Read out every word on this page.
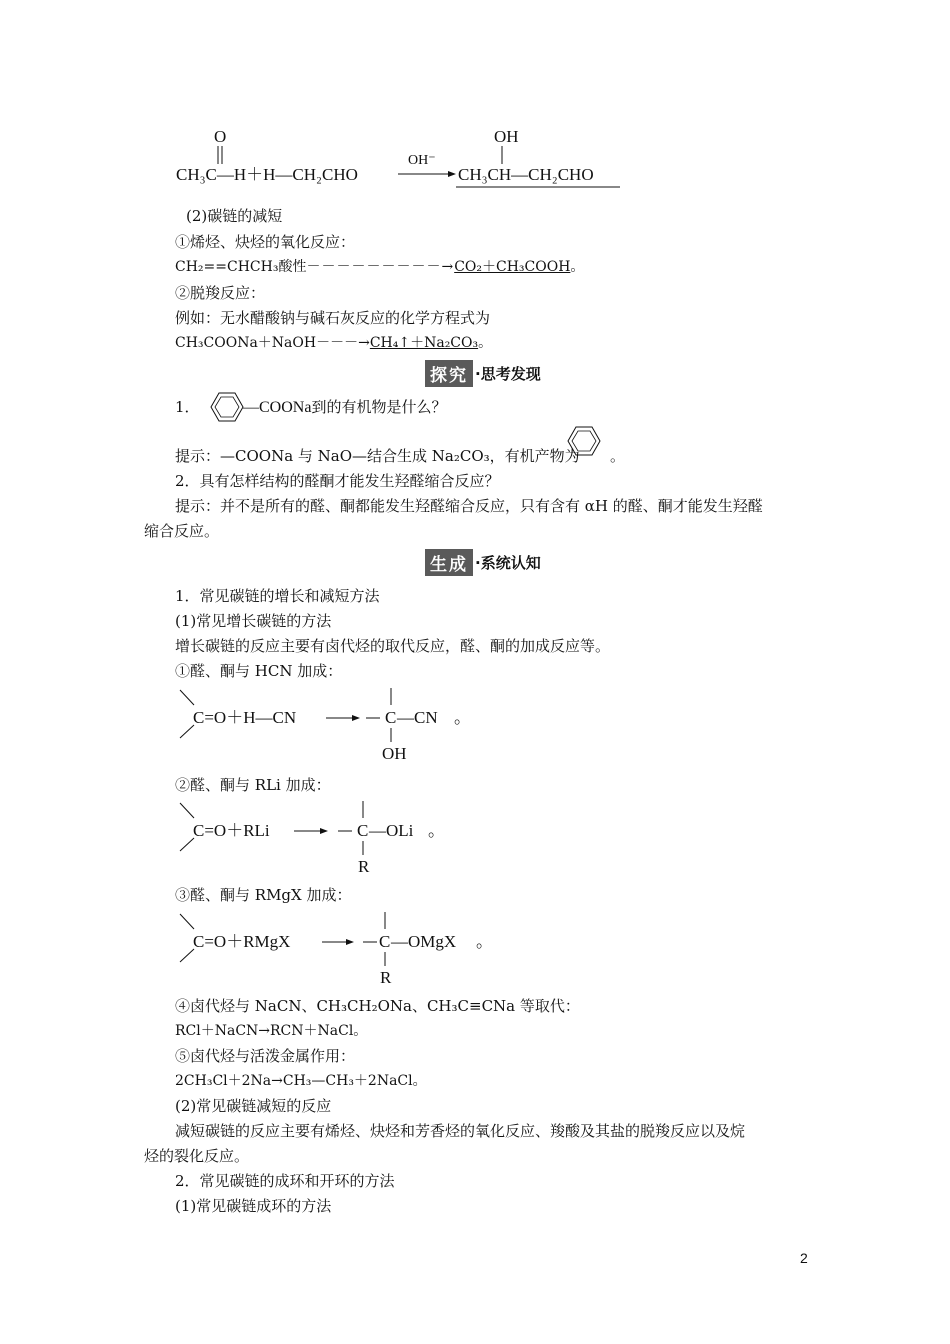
O
CH₃C—H＋H—CH₂CHO
OH⁻
OH
CH₃CH—CH₂CHO
(2)碳链的减短
①烯烃、炔烃的氧化反应：
CH₂==CHCH₃酸性－－－－－－－－－→CO₂＋CH₃COOH。
②脱羧反应：
例如：无水醋酸钠与碱石灰反应的化学方程式为
CH₃COONa＋NaOH－－－→CH₄↑＋Na₂CO₃。
探究 ·思考发现
1．	—COONa到的有机物是什么？
提示：—COONa 与 NaO—结合生成 Na₂CO₃，有机产物为 。
2．具有怎样结构的醛酮才能发生羟醛缩合反应？
提示：并不是所有的醛、酮都能发生羟醛缩合反应，只有含有 αH 的醛、酮才能发生羟醛
缩合反应。
生成 ·系统认知
1．常见碳链的增长和减短方法
(1)常见增长碳链的方法
增长碳链的反应主要有卤代烃的取代反应，醛、酮的加成反应等。
①醛、酮与 HCN 加成：
C=O＋H—CN	C —CN
OH
。
②醛、酮与 RLi 加成：
C=O＋RLi	C —OLi
R
。
③醛、酮与 RMgX 加成：
C=O＋RMgX	C —OMgX
R
。
④卤代烃与 NaCN、CH₃CH₂ONa、CH₃C≡CNa 等取代：
RCl＋NaCN→RCN＋NaCl。
⑤卤代烃与活泼金属作用：
2CH₃Cl＋2Na→CH₃—CH₃＋2NaCl。
(2)常见碳链减短的反应
减短碳链的反应主要有烯烃、炔烃和芳香烃的氧化反应、羧酸及其盐的脱羧反应以及烷
烃的裂化反应。
2．常见碳链的成环和开环的方法
(1)常见碳链成环的方法
2
